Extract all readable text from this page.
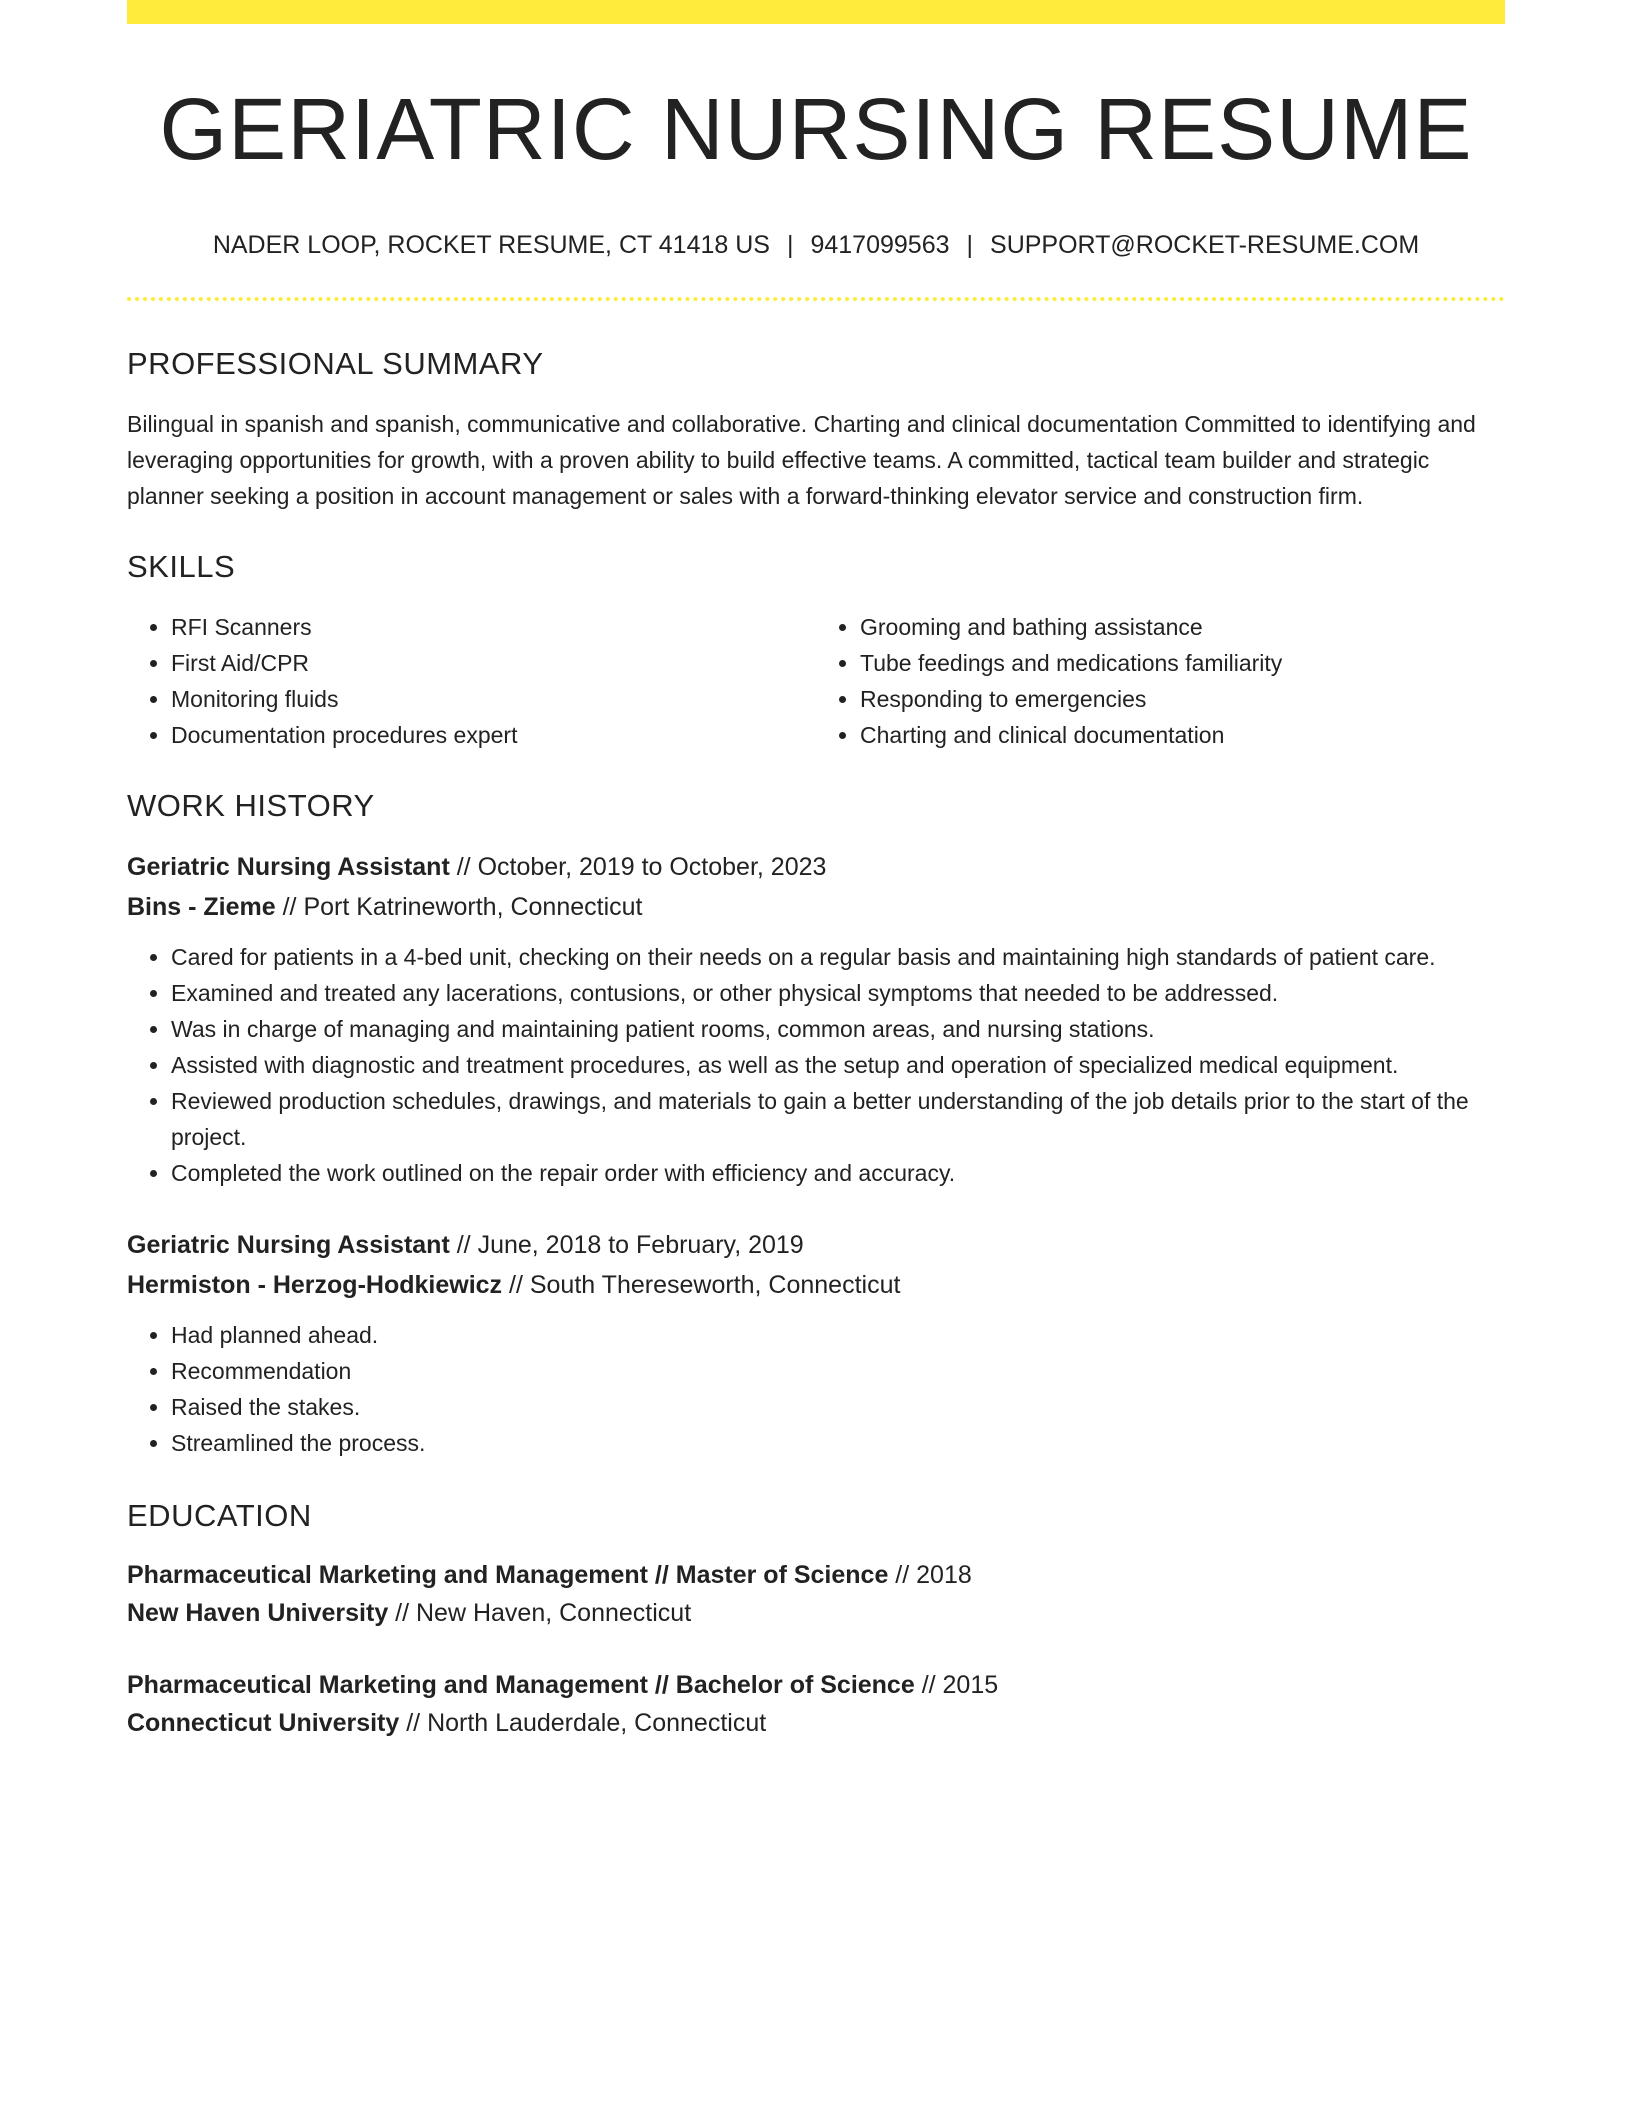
GERIATRIC NURSING RESUME
NADER LOOP, ROCKET RESUME, CT 41418 US | 9417099563 | SUPPORT@ROCKET-RESUME.COM
PROFESSIONAL SUMMARY
Bilingual in spanish and spanish, communicative and collaborative. Charting and clinical documentation Committed to identifying and leveraging opportunities for growth, with a proven ability to build effective teams. A committed, tactical team builder and strategic planner seeking a position in account management or sales with a forward-thinking elevator service and construction firm.
SKILLS
• RFI Scanners
• First Aid/CPR
• Monitoring fluids
• Documentation procedures expert
• Grooming and bathing assistance
• Tube feedings and medications familiarity
• Responding to emergencies
• Charting and clinical documentation
WORK HISTORY
Geriatric Nursing Assistant // October, 2019 to October, 2023
Bins - Zieme // Port Katrineworth, Connecticut
• Cared for patients in a 4-bed unit, checking on their needs on a regular basis and maintaining high standards of patient care.
• Examined and treated any lacerations, contusions, or other physical symptoms that needed to be addressed.
• Was in charge of managing and maintaining patient rooms, common areas, and nursing stations.
• Assisted with diagnostic and treatment procedures, as well as the setup and operation of specialized medical equipment.
• Reviewed production schedules, drawings, and materials to gain a better understanding of the job details prior to the start of the project.
• Completed the work outlined on the repair order with efficiency and accuracy.
Geriatric Nursing Assistant // June, 2018 to February, 2019
Hermiston - Herzog-Hodkiewicz // South Thereseworth, Connecticut
• Had planned ahead.
• Recommendation
• Raised the stakes.
• Streamlined the process.
EDUCATION
Pharmaceutical Marketing and Management // Master of Science // 2018
New Haven University // New Haven, Connecticut
Pharmaceutical Marketing and Management // Bachelor of Science // 2015
Connecticut University // North Lauderdale, Connecticut
